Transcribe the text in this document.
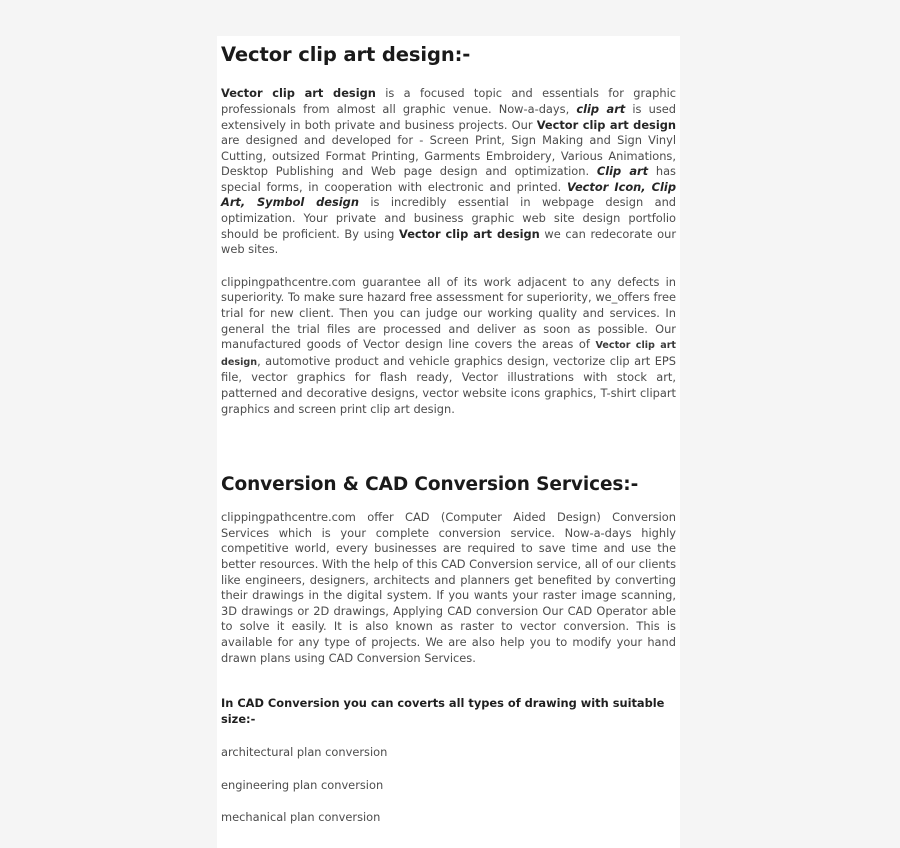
Vector clip art design:-

Vector clip art design is a focused topic and essentials for graphic professionals from almost all graphic venue. Now-a-days, clip art is used extensively in both private and business projects. Our Vector clip art design are designed and developed for - Screen Print, Sign Making and Sign Vinyl Cutting, outsized Format Printing, Garments Embroidery, Various Animations, Desktop Publishing and Web page design and optimization. Clip art has special forms, in cooperation with electronic and printed. Vector Icon, Clip Art, Symbol design is incredibly essential in webpage design and optimization. Your private and business graphic web site design portfolio should be proficient. By using Vector clip art design we can redecorate our web sites.

clippingpathcentre.com guarantee all of its work adjacent to any defects in superiority. To make sure hazard free assessment for superiority, we_offers free trial for new client. Then you can judge our working quality and services. In general the trial files are processed and deliver as soon as possible. Our manufactured goods of Vector design line covers the areas of Vector clip art design, automotive product and vehicle graphics design, vectorize clip art EPS file, vector graphics for flash ready, Vector illustrations with stock art, patterned and decorative designs, vector website icons graphics, T-shirt clipart graphics and screen print clip art design.

Conversion & CAD Conversion Services:-

clippingpathcentre.com offer CAD (Computer Aided Design) Conversion Services which is your complete conversion service. Now-a-days highly competitive world, every businesses are required to save time and use the better resources. With the help of this CAD Conversion service, all of our clients like engineers, designers, architects and planners get benefited by converting their drawings in the digital system. If you wants your raster image scanning, 3D drawings or 2D drawings, Applying CAD conversion Our CAD Operator able to solve it easily. It is also known as raster to vector conversion. This is available for any type of projects. We are also help you to modify your hand drawn plans using CAD Conversion Services.

In CAD Conversion you can coverts all types of drawing with suitable size:-

architectural plan conversion

engineering plan conversion

mechanical plan conversion
